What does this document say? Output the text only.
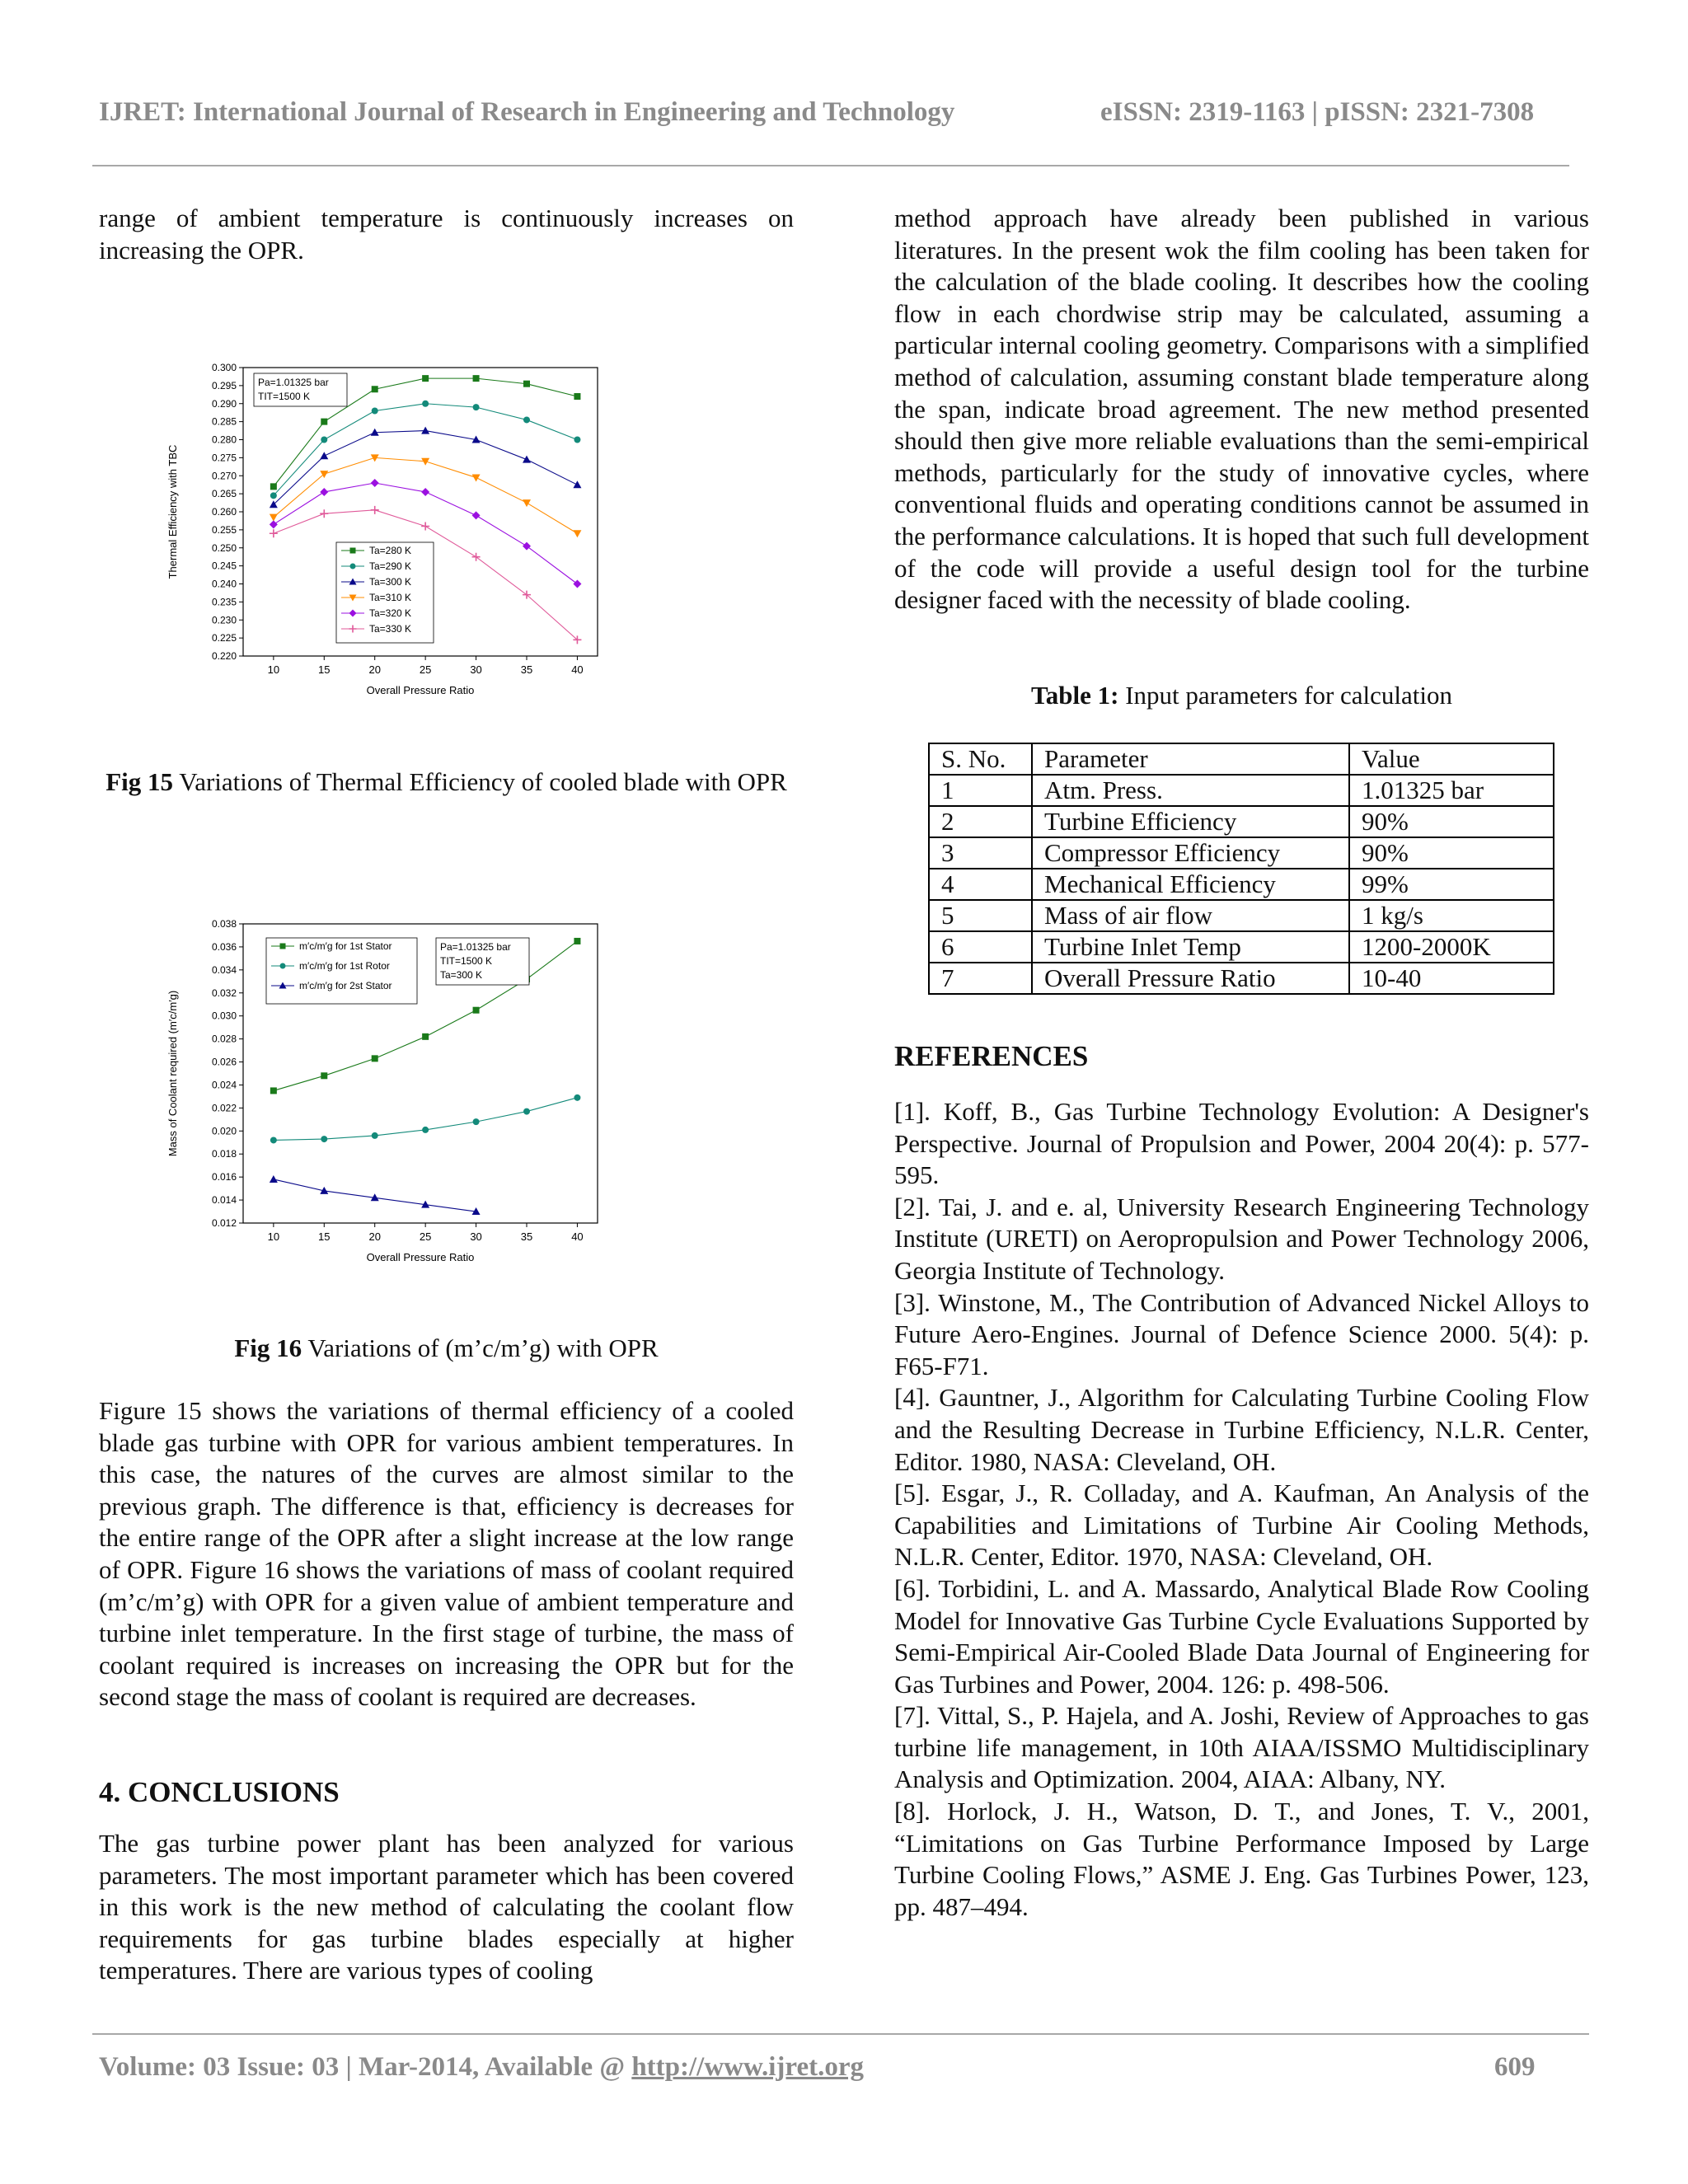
IJRET: International Journal of Research in Engineering and Technology	eISSN: 2319-1163 | pISSN: 2321-7308

range of ambient temperature is continuously increases on increasing the OPR.

0.220
0.225
0.230
0.235
0.240
0.245
0.250
0.255
0.260
0.265
0.270
0.275
0.280
0.285
0.290
0.295
0.300
10	15	20	25	30	35	40
Overall Pressure Ratio
Thermal Efficiency with TBC	Ta=280 K
Ta=290 K
Ta=300 K
Ta=310 K
Ta=320 K
Ta=330 K
Pa=1.01325 bar
TIT=1500 K
Fig 15 Variations of Thermal Efficiency of cooled blade with OPR
0.012
0.014
0.016
0.018
0.020
0.022
0.024
0.026
0.028
0.030
0.032
0.034
0.036
0.038
10	15	20	25	30	35	40
Overall Pressure Ratio
Mass of Coolant required (m′c/m′g)
m′c/m′g for 1st Stator
m′c/m′g for 1st Rotor
m′c/m′g for 2st Stator
Pa=1.01325 bar
TIT=1500 K
Ta=300 K
Fig 16 Variations of (m’c/m’g) with OPR

Figure 15 shows the variations of thermal efficiency of a cooled blade gas turbine with OPR for various ambient temperatures. In this case, the natures of the curves are almost similar to the previous graph. The difference is that, efficiency is decreases for the entire range of the OPR after a slight increase at the low range of OPR. Figure 16 shows the variations of mass of coolant required (m’c/m’g) with OPR for a given value of ambient temperature and turbine inlet temperature. In the first stage of turbine, the mass of coolant required is increases on increasing the OPR but for the second stage the mass of coolant is required are decreases.

4. CONCLUSIONS

The gas turbine power plant has been analyzed for various parameters. The most important parameter which has been covered in this work is the new method of calculating the coolant flow requirements for gas turbine blades especially at higher temperatures. There are various types of cooling

method approach have already been published in various literatures. In the present wok the film cooling has been taken for the calculation of the blade cooling. It describes how the cooling flow in each chordwise strip may be calculated, assuming a particular internal cooling geometry. Comparisons with a simplified method of calculation, assuming constant blade temperature along the span, indicate broad agreement. The new method presented should then give more reliable evaluations than the semi-empirical methods, particularly for the study of innovative cycles, where conventional fluids and operating conditions cannot be assumed in the performance calculations. It is hoped that such full development of the code will provide a useful design tool for the turbine designer faced with the necessity of blade cooling.

Table 1: Input parameters for calculation
S. No.	Parameter	Value
1	Atm. Press.	1.01325 bar
2	Turbine Efficiency	90%
3	Compressor Efficiency	90%
4	Mechanical Efficiency	99%
5	Mass of air flow	1 kg/s
6	Turbine Inlet Temp	1200-2000K
7	Overall Pressure Ratio	10-40
REFERENCES
[1]. Koff, B., Gas Turbine Technology Evolution: A Designer's Perspective. Journal of Propulsion and Power, 2004 20(4): p. 577-595.
[2]. Tai, J. and e. al, University Research Engineering Technology Institute (URETI) on Aeropropulsion and Power Technology 2006, Georgia Institute of Technology.
[3]. Winstone, M., The Contribution of Advanced Nickel Alloys to Future Aero-Engines. Journal of Defence Science 2000. 5(4): p. F65-F71.
[4]. Gauntner, J., Algorithm for Calculating Turbine Cooling Flow and the Resulting Decrease in Turbine Efficiency, N.L.R. Center, Editor. 1980, NASA: Cleveland, OH.
[5]. Esgar, J., R. Colladay, and A. Kaufman, An Analysis of the Capabilities and Limitations of Turbine Air Cooling Methods, N.L.R. Center, Editor. 1970, NASA: Cleveland, OH.
[6]. Torbidini, L. and A. Massardo, Analytical Blade Row Cooling Model for Innovative Gas Turbine Cycle Evaluations Supported by Semi-Empirical Air-Cooled Blade Data Journal of Engineering for Gas Turbines and Power, 2004. 126: p. 498-506.
[7]. Vittal, S., P. Hajela, and A. Joshi, Review of Approaches to gas turbine life management, in 10th AIAA/ISSMO Multidisciplinary Analysis and Optimization. 2004, AIAA: Albany, NY.
[8]. Horlock, J. H., Watson, D. T., and Jones, T. V., 2001, “Limitations on Gas Turbine Performance Imposed by Large Turbine Cooling Flows,” ASME J. Eng. Gas Turbines Power, 123, pp. 487–494.
Volume: 03 Issue: 03 | Mar-2014, Available @ http://www.ijret.org	609
